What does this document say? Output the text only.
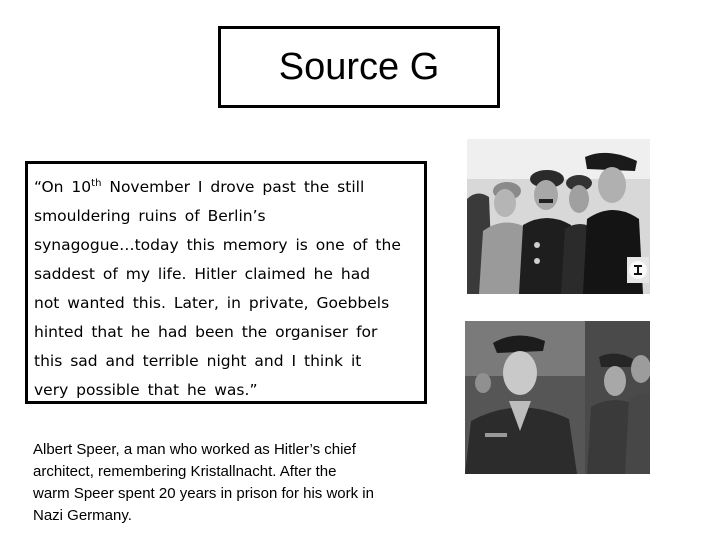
Source G
“On 10th November I drove past the still
smouldering ruins of Berlin’s
synagogue…today this memory is one of the
saddest of my life. Hitler claimed he had
not wanted this. Later, in private, Goebbels
hinted that he had been the organiser for
this sad and terrible night and I think it
very possible that he was.”
Albert Speer, a man who worked as Hitler’s chief
architect, remembering Kristallnacht. After the
warm Speer spent 20 years in prison for his work in
Nazi Germany.
